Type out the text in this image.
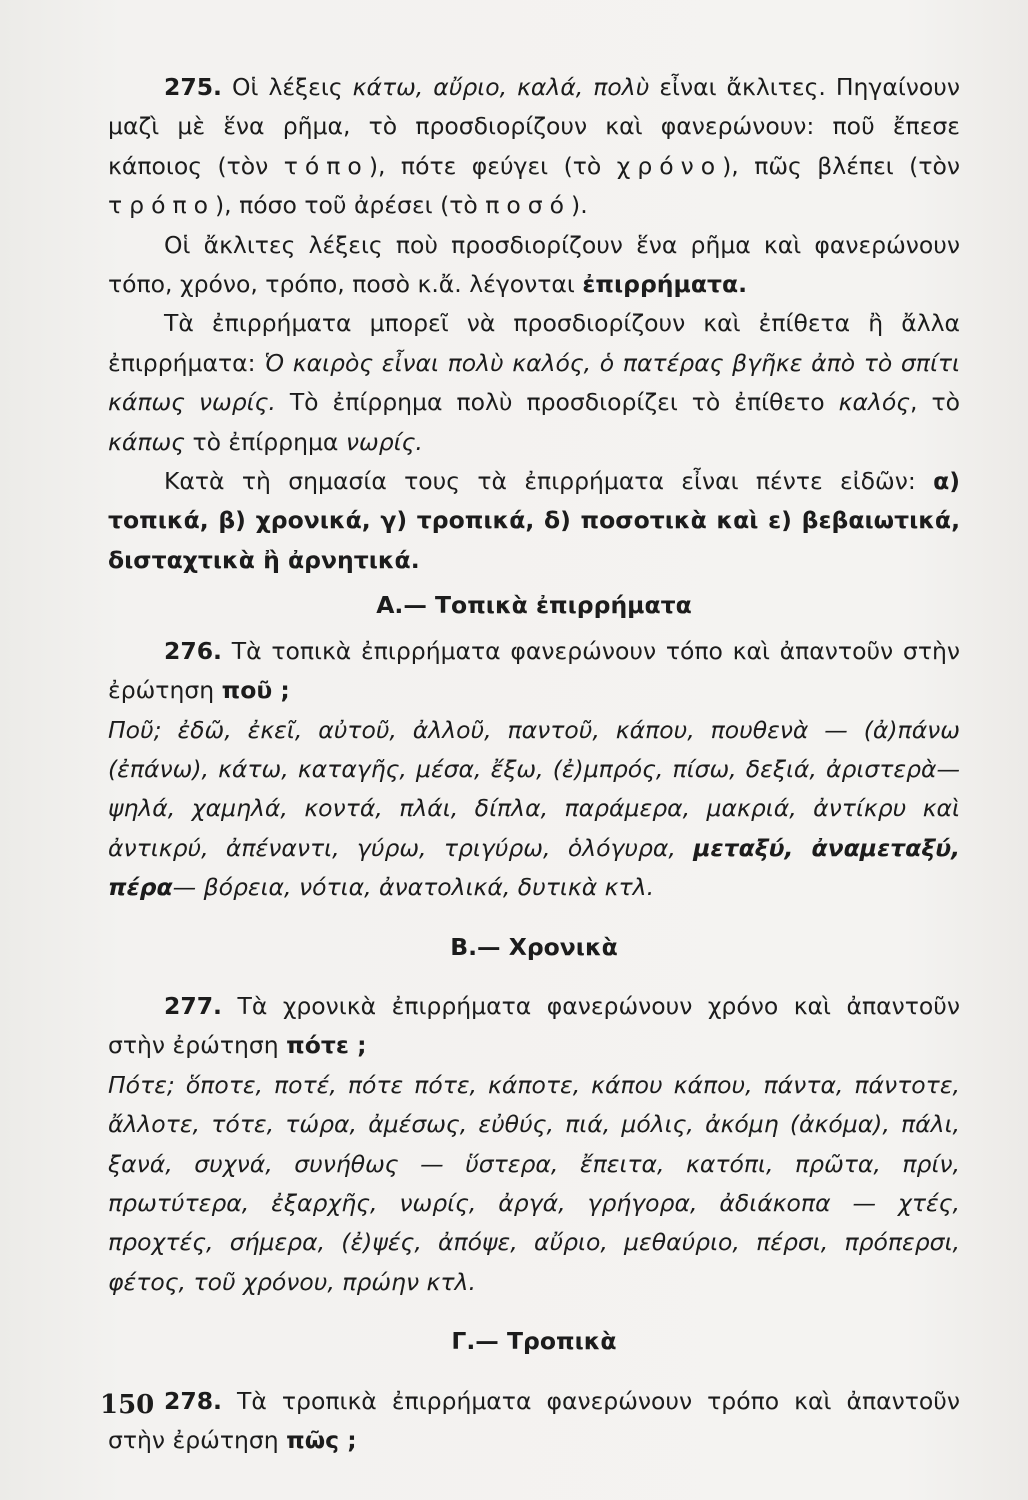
275. Οἱ λέξεις κάτω, αὔριο, καλά, πολὺ εἶναι ἄκλιτες. Πηγαίνουν μαζὶ μὲ ἕνα ρῆμα, τὸ προσδιορίζουν καὶ φανερώνουν: ποῦ ἔπεσε κάποιος (τὸν τόπο), πότε φεύγει (τὸ χρόνο), πῶς βλέπει (τὸν τρόπο), πόσο τοῦ ἀρέσει (τὸ ποσό).

Οἱ ἄκλιτες λέξεις ποὺ προσδιορίζουν ἕνα ρῆμα καὶ φανερώνουν τόπο, χρόνο, τρόπο, ποσὸ κ.ἄ. λέγονται ἐπιρρήματα.

Τὰ ἐπιρρήματα μπορεῖ νὰ προσδιορίζουν καὶ ἐπίθετα ἢ ἄλλα ἐπιρρήματα: Ὁ καιρὸς εἶναι πολὺ καλός, ὁ πατέρας βγῆκε ἀπὸ τὸ σπίτι κάπως νωρίς. Τὸ ἐπίρρημα πολὺ προσδιορίζει τὸ ἐπίθετο καλός, τὸ κάπως τὸ ἐπίρρημα νωρίς.

Κατὰ τὴ σημασία τους τὰ ἐπιρρήματα εἶναι πέντε εἰδῶν: α) τοπικά, β) χρονικά, γ) τροπικά, δ) ποσοτικὰ καὶ ε) βεβαιωτικά, δισταχτικὰ ἢ ἀρνητικά.

Α.— Τοπικὰ ἐπιρρήματα

276. Τὰ τοπικὰ ἐπιρρήματα φανερώνουν τόπο καὶ ἀπαντοῦν στὴν ἐρώτηση ποῦ ;

Ποῦ; ἐδῶ, ἐκεῖ, αὐτοῦ, ἀλλοῦ, παντοῦ, κάπου, πουθενὰ — (ἀ)πάνω (ἐπάνω), κάτω, καταγῆς, μέσα, ἔξω, (ἐ)μπρός, πίσω, δεξιά, ἀριστερὰ—ψηλά, χαμηλά, κοντά, πλάι, δίπλα, παράμερα, μακριά, ἀντίκρυ καὶ ἀντικρύ, ἀπέναντι, γύρω, τριγύρω, ὁλόγυρα, μεταξύ, ἀναμεταξύ, πέρα— βόρεια, νότια, ἀνατολικά, δυτικὰ κτλ.

Β.— Χρονικὰ

277. Τὰ χρονικὰ ἐπιρρήματα φανερώνουν χρόνο καὶ ἀπαντοῦν στὴν ἐρώτηση πότε ;

Πότε; ὅποτε, ποτέ, πότε πότε, κάποτε, κάπου κάπου, πάντα, πάντοτε, ἄλλοτε, τότε, τώρα, ἀμέσως, εὐθύς, πιά, μόλις, ἀκόμη (ἀκόμα), πάλι, ξανά, συχνά, συνήθως — ὕστερα, ἔπειτα, κατόπι, πρῶτα, πρίν, πρωτύτερα, ἐξαρχῆς, νωρίς, ἀργά, γρήγορα, ἀδιάκοπα — χτές, προχτές, σήμερα, (ἐ)ψές, ἀπόψε, αὔριο, μεθαύριο, πέρσι, πρόπερσι, φέτος, τοῦ χρόνου, πρώην κτλ.

Γ.— Τροπικὰ

278. Τὰ τροπικὰ ἐπιρρήματα φανερώνουν τρόπο καὶ ἀπαντοῦν στὴν ἐρώτηση πῶς ;

150
